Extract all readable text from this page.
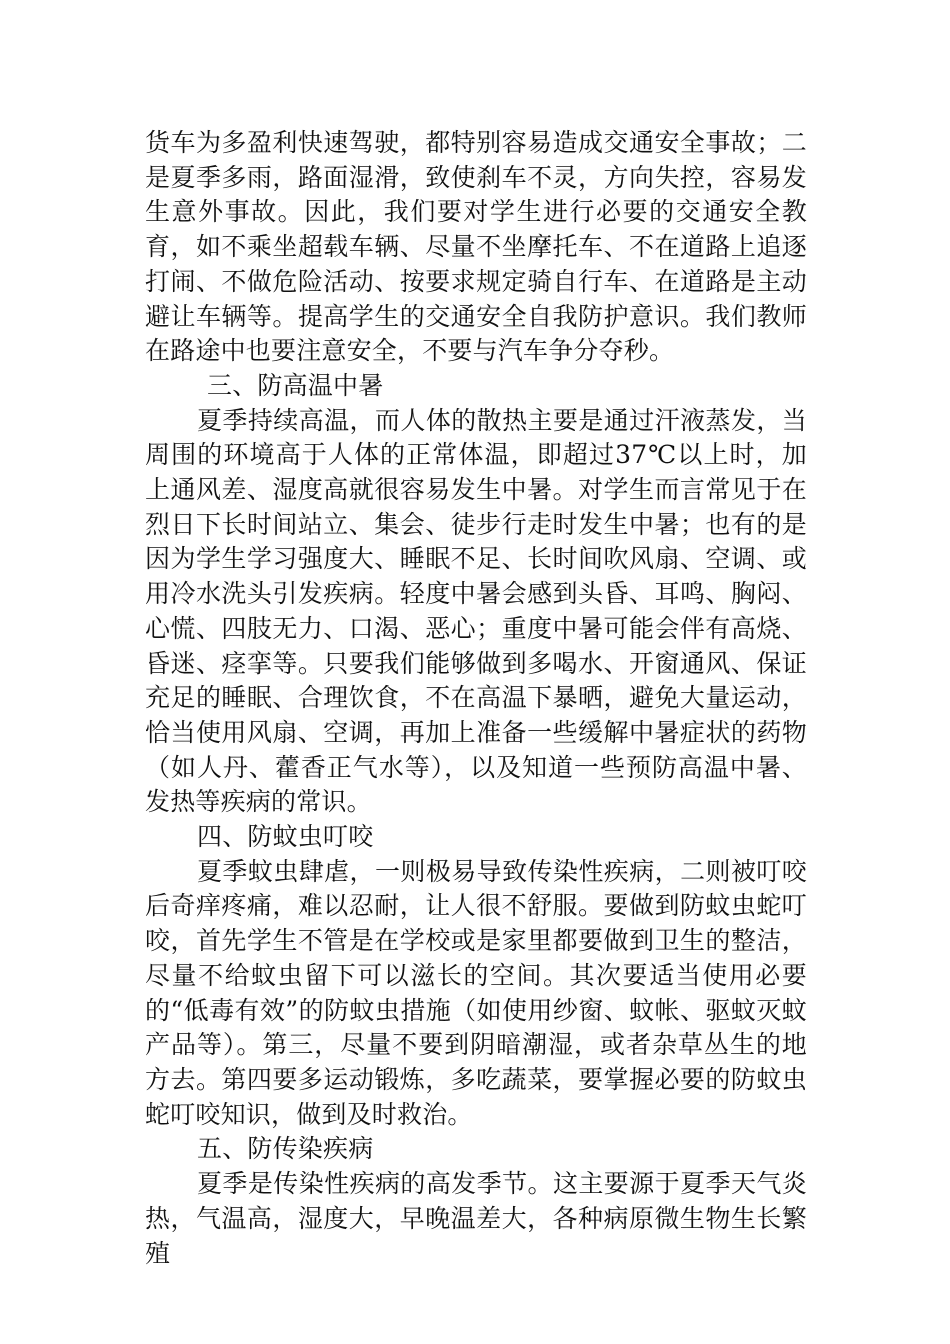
货车为多盈利快速驾驶，都特别容易造成交通安全事故；二是夏季多雨，路面湿滑，致使刹车不灵，方向失控，容易发生意外事故。因此，我们要对学生进行必要的交通安全教育，如不乘坐超载车辆、尽量不坐摩托车、不在道路上追逐打闹、不做危险活动、按要求规定骑自行车、在道路是主动避让车辆等。提高学生的交通安全自我防护意识。我们教师在路途中也要注意安全，不要与汽车争分夺秒。

三、防高温中暑

夏季持续高温，而人体的散热主要是通过汗液蒸发，当周围的环境高于人体的正常体温，即超过37℃以上时，加上通风差、湿度高就很容易发生中暑。对学生而言常见于在烈日下长时间站立、集会、徒步行走时发生中暑；也有的是因为学生学习强度大、睡眠不足、长时间吹风扇、空调、或用冷水洗头引发疾病。轻度中暑会感到头昏、耳鸣、胸闷、心慌、四肢无力、口渴、恶心；重度中暑可能会伴有高烧、昏迷、痉挛等。只要我们能够做到多喝水、开窗通风、保证充足的睡眠、合理饮食，不在高温下暴晒，避免大量运动，恰当使用风扇、空调，再加上准备一些缓解中暑症状的药物（如人丹、藿香正气水等），以及知道一些预防高温中暑、发热等疾病的常识。

四、防蚊虫叮咬

夏季蚊虫肆虐，一则极易导致传染性疾病，二则被叮咬后奇痒疼痛，难以忍耐，让人很不舒服。要做到防蚊虫蛇叮咬，首先学生不管是在学校或是家里都要做到卫生的整洁，尽量不给蚊虫留下可以滋长的空间。其次要适当使用必要的“低毒有效”的防蚊虫措施（如使用纱窗、蚊帐、驱蚊灭蚊产品等）。第三，尽量不要到阴暗潮湿，或者杂草丛生的地方去。第四要多运动锻炼，多吃蔬菜，要掌握必要的防蚊虫蛇叮咬知识，做到及时救治。

五、防传染疾病

夏季是传染性疾病的高发季节。这主要源于夏季天气炎热，气温高，湿度大，早晚温差大，各种病原微生物生长繁殖
